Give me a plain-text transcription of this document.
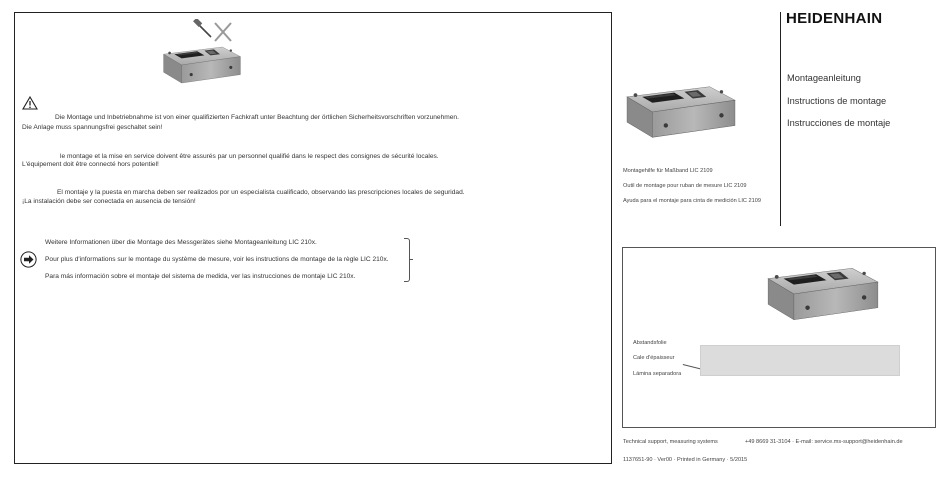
Die Montage und Inbetriebnahme ist von einer qualifizierten Fachkraft unter Beachtung der örtlichen Sicherheitsvorschriften vorzunehmen.
Die Anlage muss spannungsfrei geschaltet sein!
le montage et la mise en service doivent être assurés par un personnel qualifié dans le respect des consignes de sécurité locales.
L'équipement doit être connecté hors potentiel!
El montaje y la puesta en marcha deben ser realizados por un especialista cualificado, observando las prescripciones locales de seguridad.
¡La instalación debe ser conectada en ausencia de tensión!
Weitere Informationen über die Montage des Messgerätes siehe Montageanleitung LIC 210x.
Pour plus d'informations sur le montage du système de mesure, voir les instructions de montage de la règle LIC 210x.
Para más información sobre el montaje del sistema de medida, ver las instrucciones de montaje LIC 210x.
HEIDENHAIN
Montageanleitung
Instructions de montage
Instrucciones de montaje
Montagehilfe für Maßband LIC 2109
Outil de montage pour ruban de mesure LIC 2109
Ayuda para el montaje para cinta de medición LIC 2109
Abstandsfolie
Cale d'épaisseur
Lámina separadora
Technical support, measuring systems	+49 8669 31-3104 · E-mail: service.ms-support@heidenhain.de
1137651-90 · Ver00 · Printed in Germany · 5/2015
